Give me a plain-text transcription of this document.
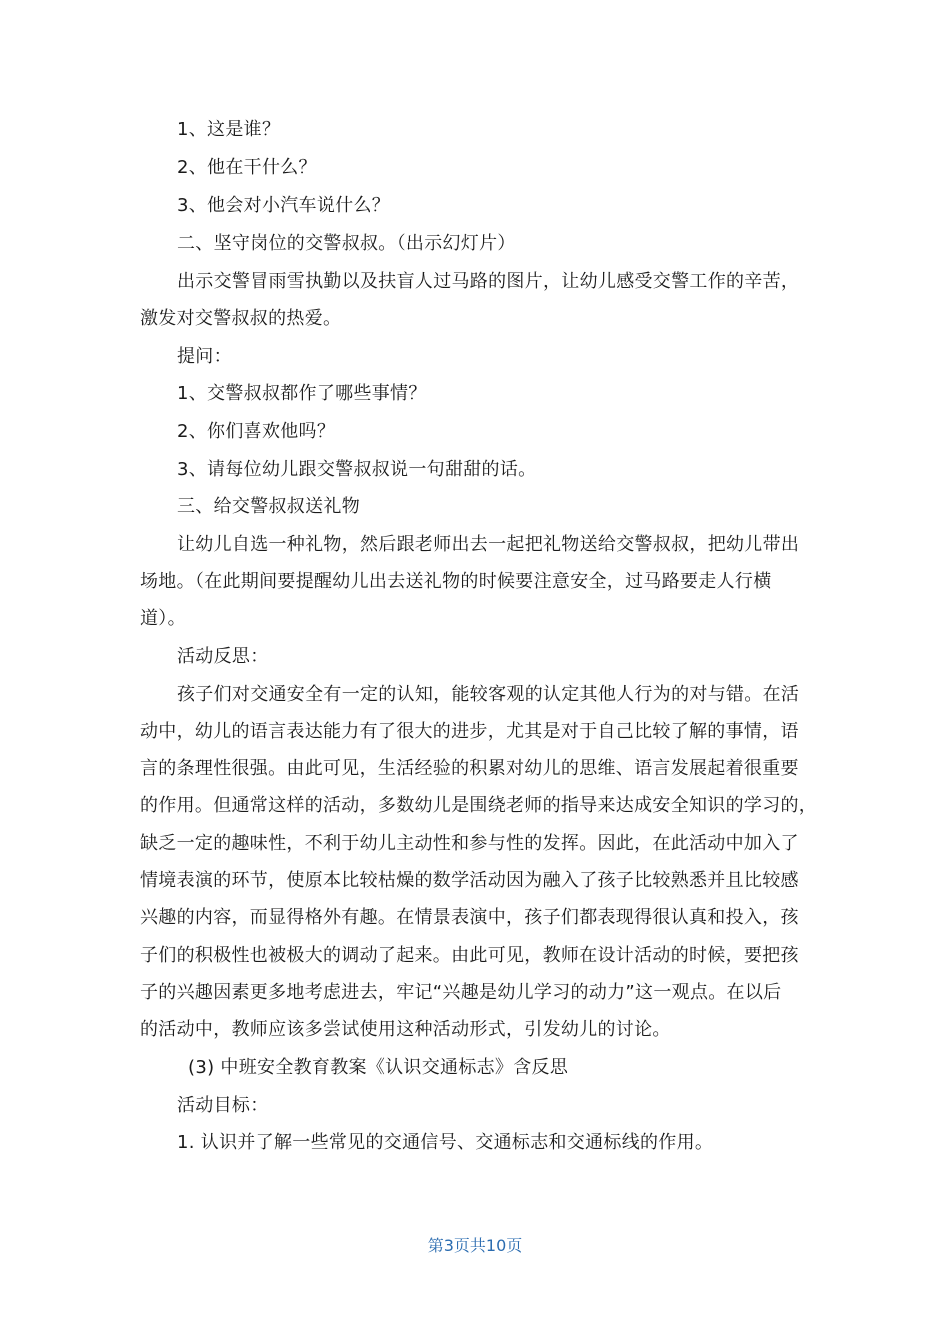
1、这是谁？
2、他在干什么？
3、他会对小汽车说什么？
二、坚守岗位的交警叔叔。（出示幻灯片）
出示交警冒雨雪执勤以及扶盲人过马路的图片，让幼儿感受交警工作的辛苦，
激发对交警叔叔的热爱。
提问：
1、交警叔叔都作了哪些事情？
2、你们喜欢他吗？
3、请每位幼儿跟交警叔叔说一句甜甜的话。
三、给交警叔叔送礼物
让幼儿自选一种礼物，然后跟老师出去一起把礼物送给交警叔叔，把幼儿带出
场地。（在此期间要提醒幼儿出去送礼物的时候要注意安全，过马路要走人行横
道）。
活动反思：
孩子们对交通安全有一定的认知，能较客观的认定其他人行为的对与错。在活
动中，幼儿的语言表达能力有了很大的进步，尤其是对于自己比较了解的事情，语
言的条理性很强。由此可见，生活经验的积累对幼儿的思维、语言发展起着很重要
的作用。但通常这样的活动，多数幼儿是围绕老师的指导来达成安全知识的学习的，
缺乏一定的趣味性，不利于幼儿主动性和参与性的发挥。因此，在此活动中加入了
情境表演的环节，使原本比较枯燥的数学活动因为融入了孩子比较熟悉并且比较感
兴趣的内容，而显得格外有趣。在情景表演中，孩子们都表现得很认真和投入，孩
子们的积极性也被极大的调动了起来。由此可见，教师在设计活动的时候，要把孩
子的兴趣因素更多地考虑进去，牢记“兴趣是幼儿学习的动力”这一观点。在以后
的活动中，教师应该多尝试使用这种活动形式，引发幼儿的讨论。
(3) 中班安全教育教案《认识交通标志》含反思
活动目标：
1. 认识并了解一些常见的交通信号、交通标志和交通标线的作用。
第3页共10页
